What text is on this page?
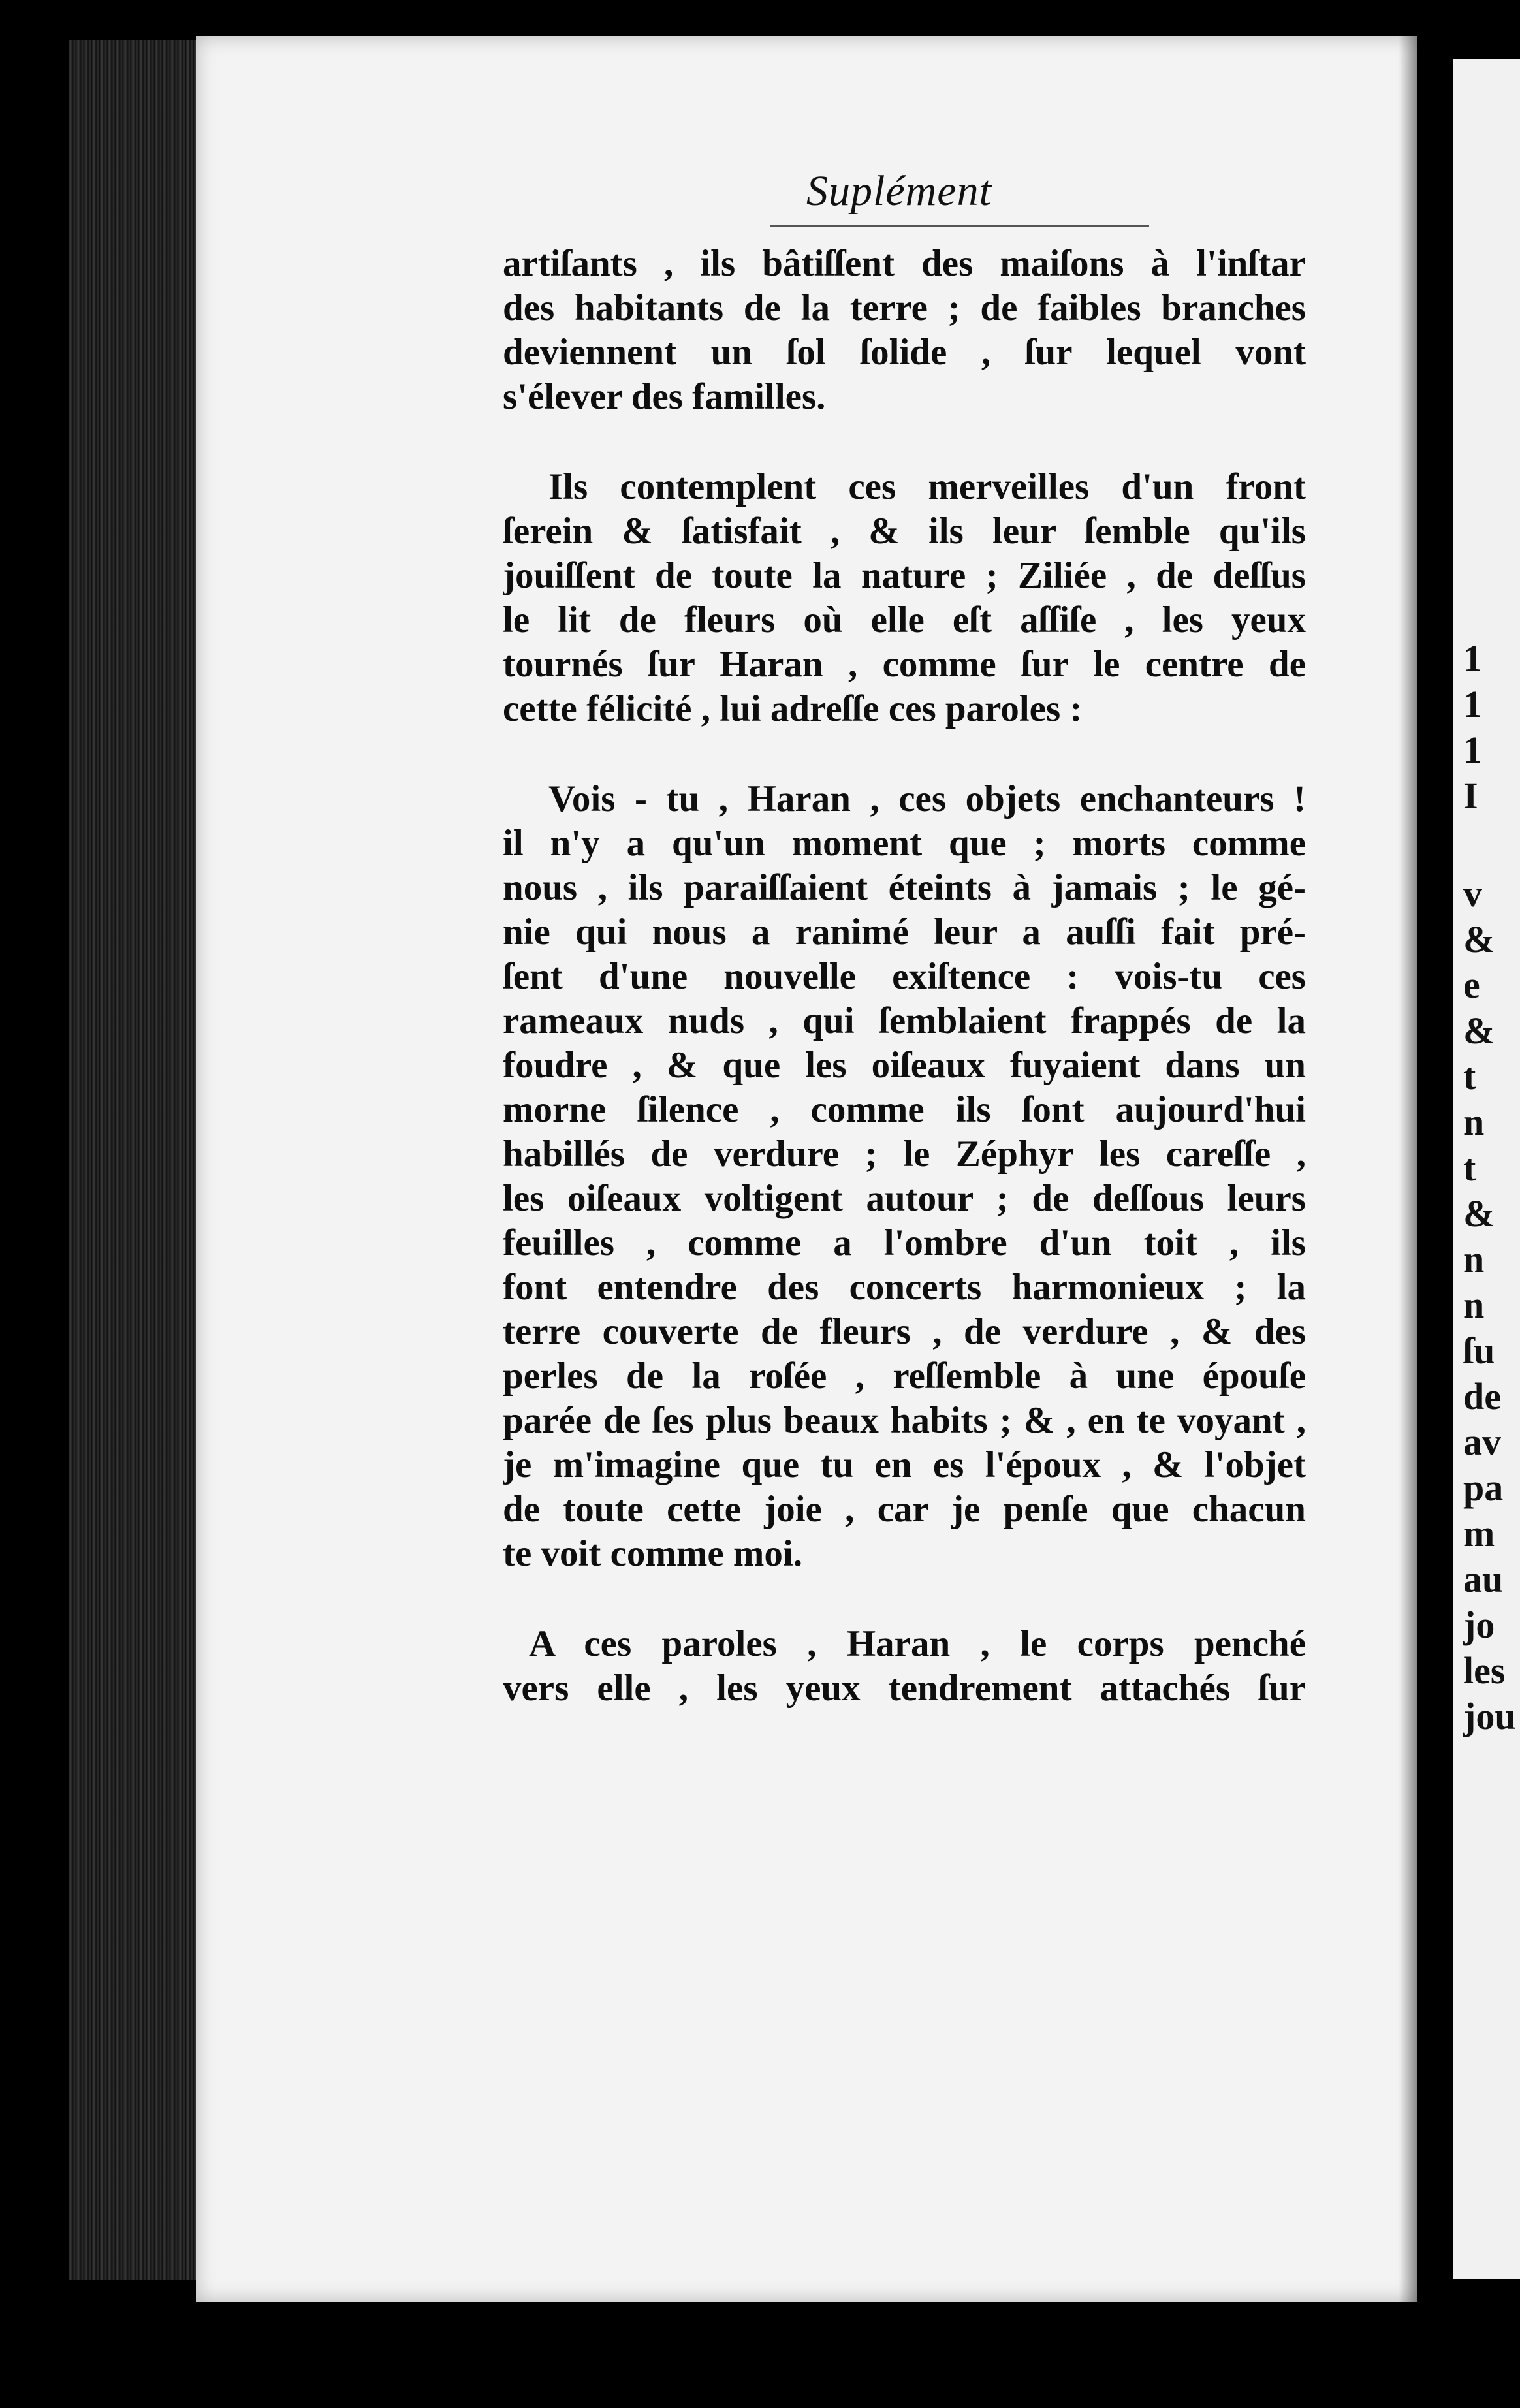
Suplément
artiſants , ils bâtiſſent des maiſons à l'inſtar
des habitants de la terre ; de faibles branches
deviennent un ſol ſolide , ſur lequel vont
s'élever des familles.
Ils contemplent ces merveilles d'un front
ſerein & ſatisfait , & ils leur ſemble qu'ils
jouiſſent de toute la nature ; Ziliée , de deſſus
le lit de fleurs où elle eſt aſſiſe , les yeux
tournés ſur Haran , comme ſur le centre de
cette félicité , lui adreſſe ces paroles :
Vois - tu , Haran , ces objets enchanteurs !
il n'y a qu'un moment que ; morts comme
nous , ils paraiſſaient éteints à jamais ; le gé-
nie qui nous a ranimé leur a auſſi fait pré-
ſent d'une nouvelle exiſtence : vois-tu ces
rameaux nuds , qui ſemblaient frappés de la
foudre , & que les oiſeaux fuyaient dans un
morne ſilence , comme ils ſont aujourd'hui
habillés de verdure ; le Zéphyr les careſſe ,
les oiſeaux voltigent autour ; de deſſous leurs
feuilles , comme a l'ombre d'un toit , ils
font entendre des concerts harmonieux ; la
terre couverte de fleurs , de verdure , & des
perles de la roſée , reſſemble à une épouſe
parée de ſes plus beaux habits ; & , en te voyant ,
je m'imagine que tu en es l'époux , & l'objet
de toute cette joie , car je penſe que chacun
te voit comme moi.
A ces paroles , Haran , le corps penché
vers elle , les yeux tendrement attachés ſur
1
1
1
I
v
&
e
&
t
n
t
&
n
n
ſu
de
av
pa
m
au
jo
les
jou
